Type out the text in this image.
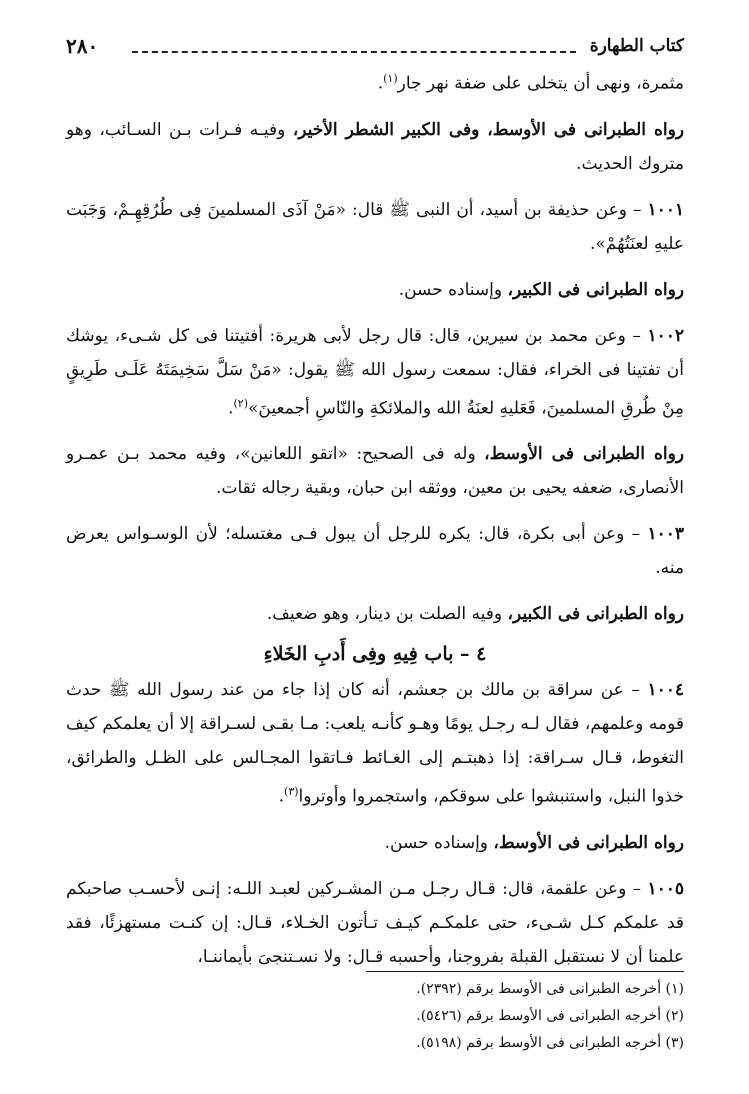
كتاب الطهارة
٢٨٠

مثمرة، ونهى أن يتخلى على ضفة نهر جار$^{(١)}$.

رواه الطبرانى فى الأوسط، وفى الكبير الشطر الأخير، وفيـه فـرات بـن السـائب، وهو متروك الحديث.

١٠٠١ – وعن حذيفة بن أسيد، أن النبى ﷺ قال: «مَنْ آذَى المسلمينَ فِى طُرُقِهِـمْ، وَجَبَت عليهِ لعنَتُهُمْ».

رواه الطبرانى فى الكبير، وإسناده حسن.

١٠٠٢ – وعن محمد بن سيرين، قال: قال رجل لأبى هريرة: أفتيتنا فى كل شـىء، يوشك أن تفتينا فى الخراء، فقال: سمعت رسول الله ﷺ يقول: «مَنْ سَلَّ سَخِيمَتَهُ عَلَـى طَرِيقٍ مِنْ طُرقِ المسلمينَ، فَعَليهِ لعنَةُ الله والملائكةِ والنّاسِ أجمعينَ»$^{(٢)}$.

رواه الطبرانى فى الأوسط، وله فى الصحيح: «اتقو اللعانين»، وفيه محمد بـن عمـرو الأنصارى، ضعفه يحيى بن معين، ووثقه ابن حبان، وبقية رجاله ثقات.

١٠٠٣ – وعن أبى بكرة، قال: يكره للرجل أن يبول فـى مغتسله؛ لأن الوسـواس يعرض منه.

رواه الطبرانى فى الكبير، وفيه الصلت بن دينار، وهو ضعيف.

٤ – باب فِيهِ وفِى أَدبِ الخَلاءِ

١٠٠٤ – عن سراقة بن مالك بن جعشم، أنه كان إذا جاء من عند رسول الله ﷺ حدث قومه وعلمهم، فقال لـه رجـل يومًا وهـو كأنـه يلعب: مـا بقـى لسـراقة إلا أن يعلمكم كيف التغوط، قـال سـراقة: إذا ذهبتـم إلى الغـائط فـاتقوا المجـالس على الظـل والطرائق، خذوا النبل، واستنبشوا على سوقكم، واستجمروا وأوتروا$^{(٣)}$.

رواه الطبرانى فى الأوسط، وإسناده حسن.

١٠٠٥ – وعن علقمة، قال: قـال رجـل مـن المشـركين لعبـد اللـه: إنـى لأحسـب صاحبكم قد علمكم كـل شـىء، حتى علمكـم كيـف تـأتون الخـلاء، قـال: إن كنـت مستهزئًا، فقد علمنا أن لا نستقبل القبلة بفروجنا، وأحسبه قـال: ولا نسـتنجىَ بأيماننـا،

(١) أخرجه الطبرانى فى الأوسط برقم (٢٣٩٢).

(٢) أخرجه الطبرانى فى الأوسط برقم (٥٤٢٦).

(٣) أخرجه الطبرانى فى الأوسط برقم (٥١٩٨).
